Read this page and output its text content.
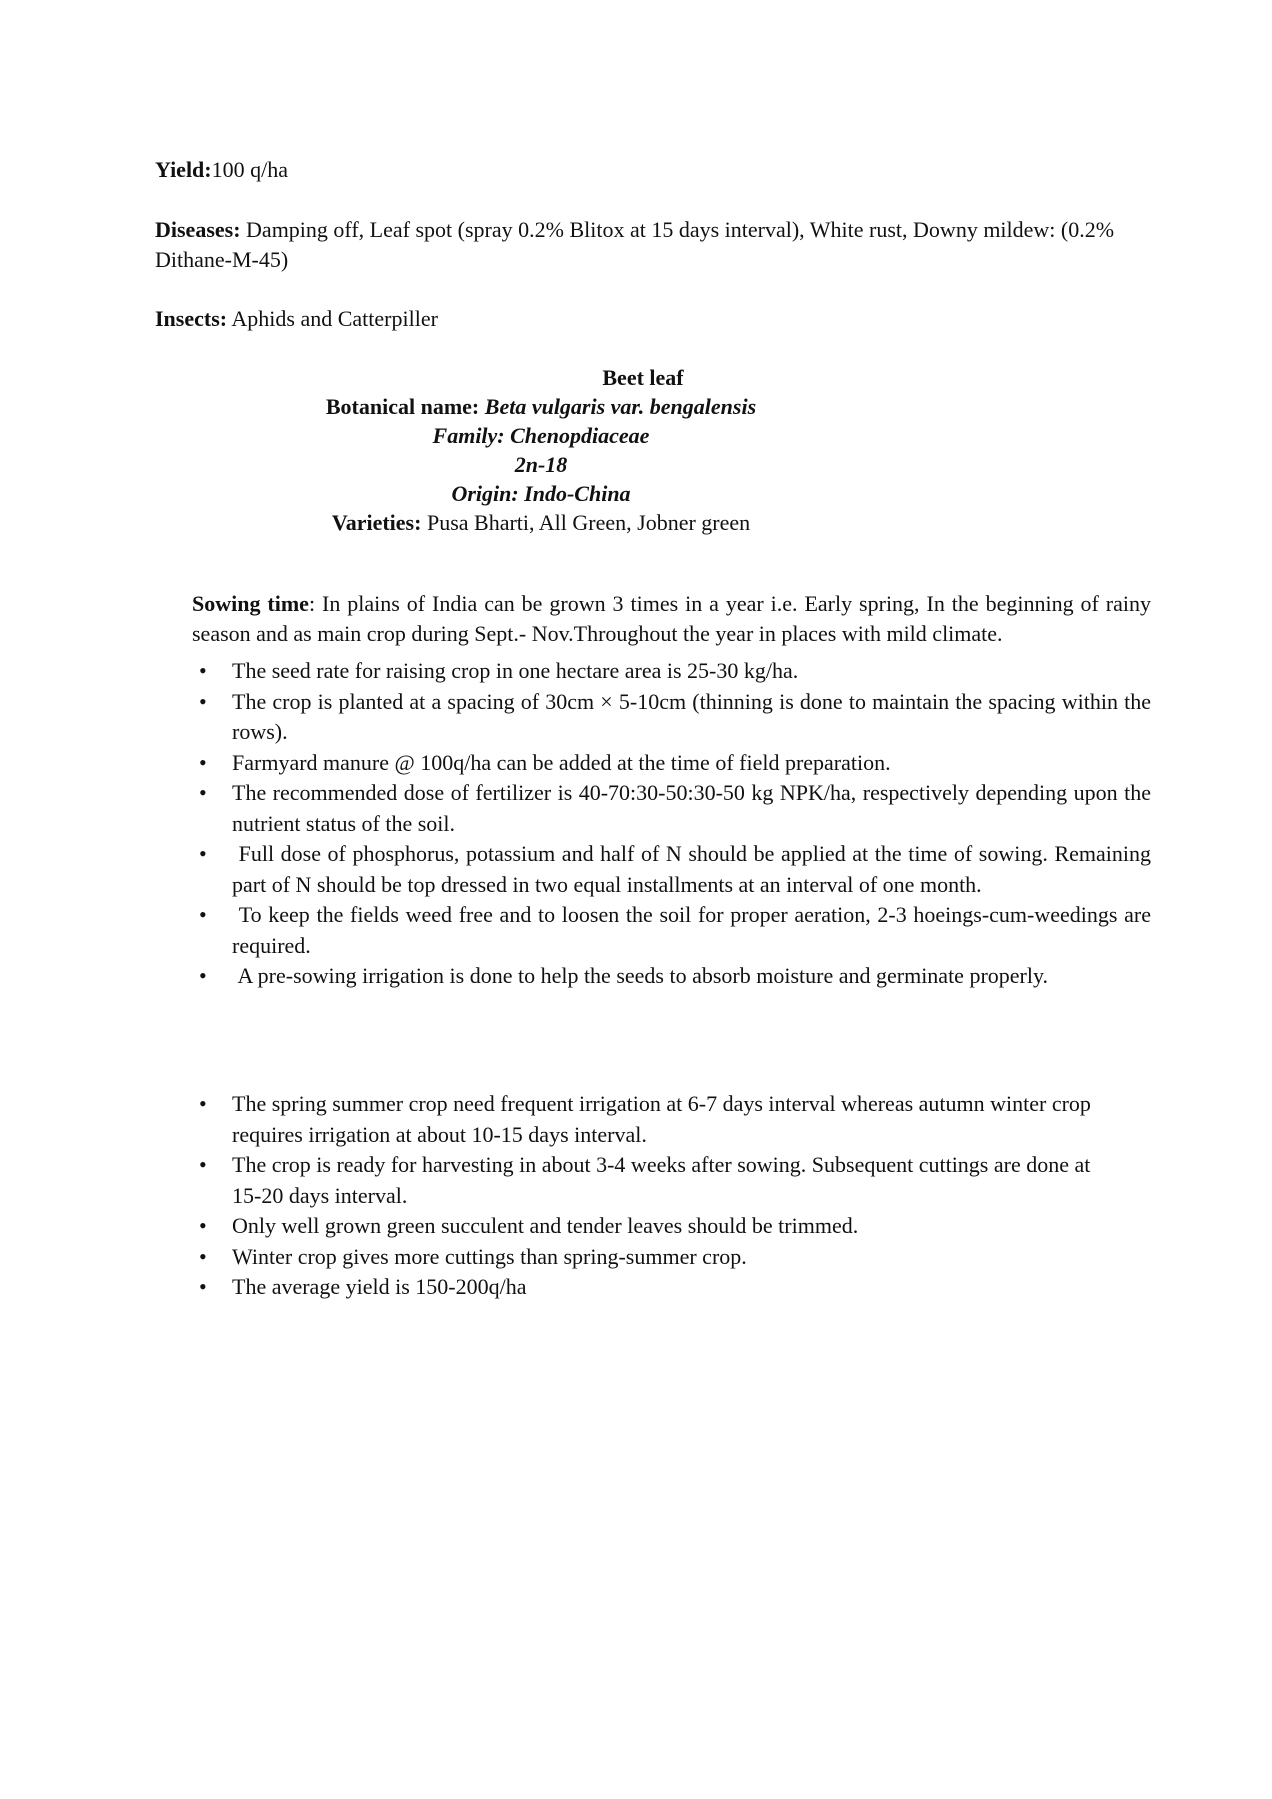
Yield:100 q/ha

Diseases: Damping off, Leaf spot (spray 0.2% Blitox at 15 days interval), White rust, Downy mildew: (0.2% Dithane-M-45)

Insects: Aphids and Catterpiller

Beet leaf
Botanical name: Beta vulgaris var. bengalensis
Family: Chenopdiaceae
2n-18
Origin: Indo-China
Varieties: Pusa Bharti, All Green, Jobner green

Sowing time: In plains of India can be grown 3 times in a year i.e. Early spring, In the beginning of rainy season and as main crop during Sept.- Nov.Throughout the year in places with mild climate.

• The seed rate for raising crop in one hectare area is 25-30 kg/ha.
• The crop is planted at a spacing of 30cm × 5-10cm (thinning is done to maintain the spacing within the rows).
• Farmyard manure @ 100q/ha can be added at the time of field preparation.
• The recommended dose of fertilizer is 40-70:30-50:30-50 kg NPK/ha, respectively depending upon the nutrient status of the soil.
• Full dose of phosphorus, potassium and half of N should be applied at the time of sowing. Remaining part of N should be top dressed in two equal installments at an interval of one month.
• To keep the fields weed free and to loosen the soil for proper aeration, 2-3 hoeings-cum-weedings are required.
• A pre-sowing irrigation is done to help the seeds to absorb moisture and germinate properly.
• The spring summer crop need frequent irrigation at 6-7 days interval whereas autumn winter crop requires irrigation at about 10-15 days interval.
• The crop is ready for harvesting in about 3-4 weeks after sowing. Subsequent cuttings are done at 15-20 days interval.
• Only well grown green succulent and tender leaves should be trimmed.
• Winter crop gives more cuttings than spring-summer crop.
• The average yield is 150-200q/ha
